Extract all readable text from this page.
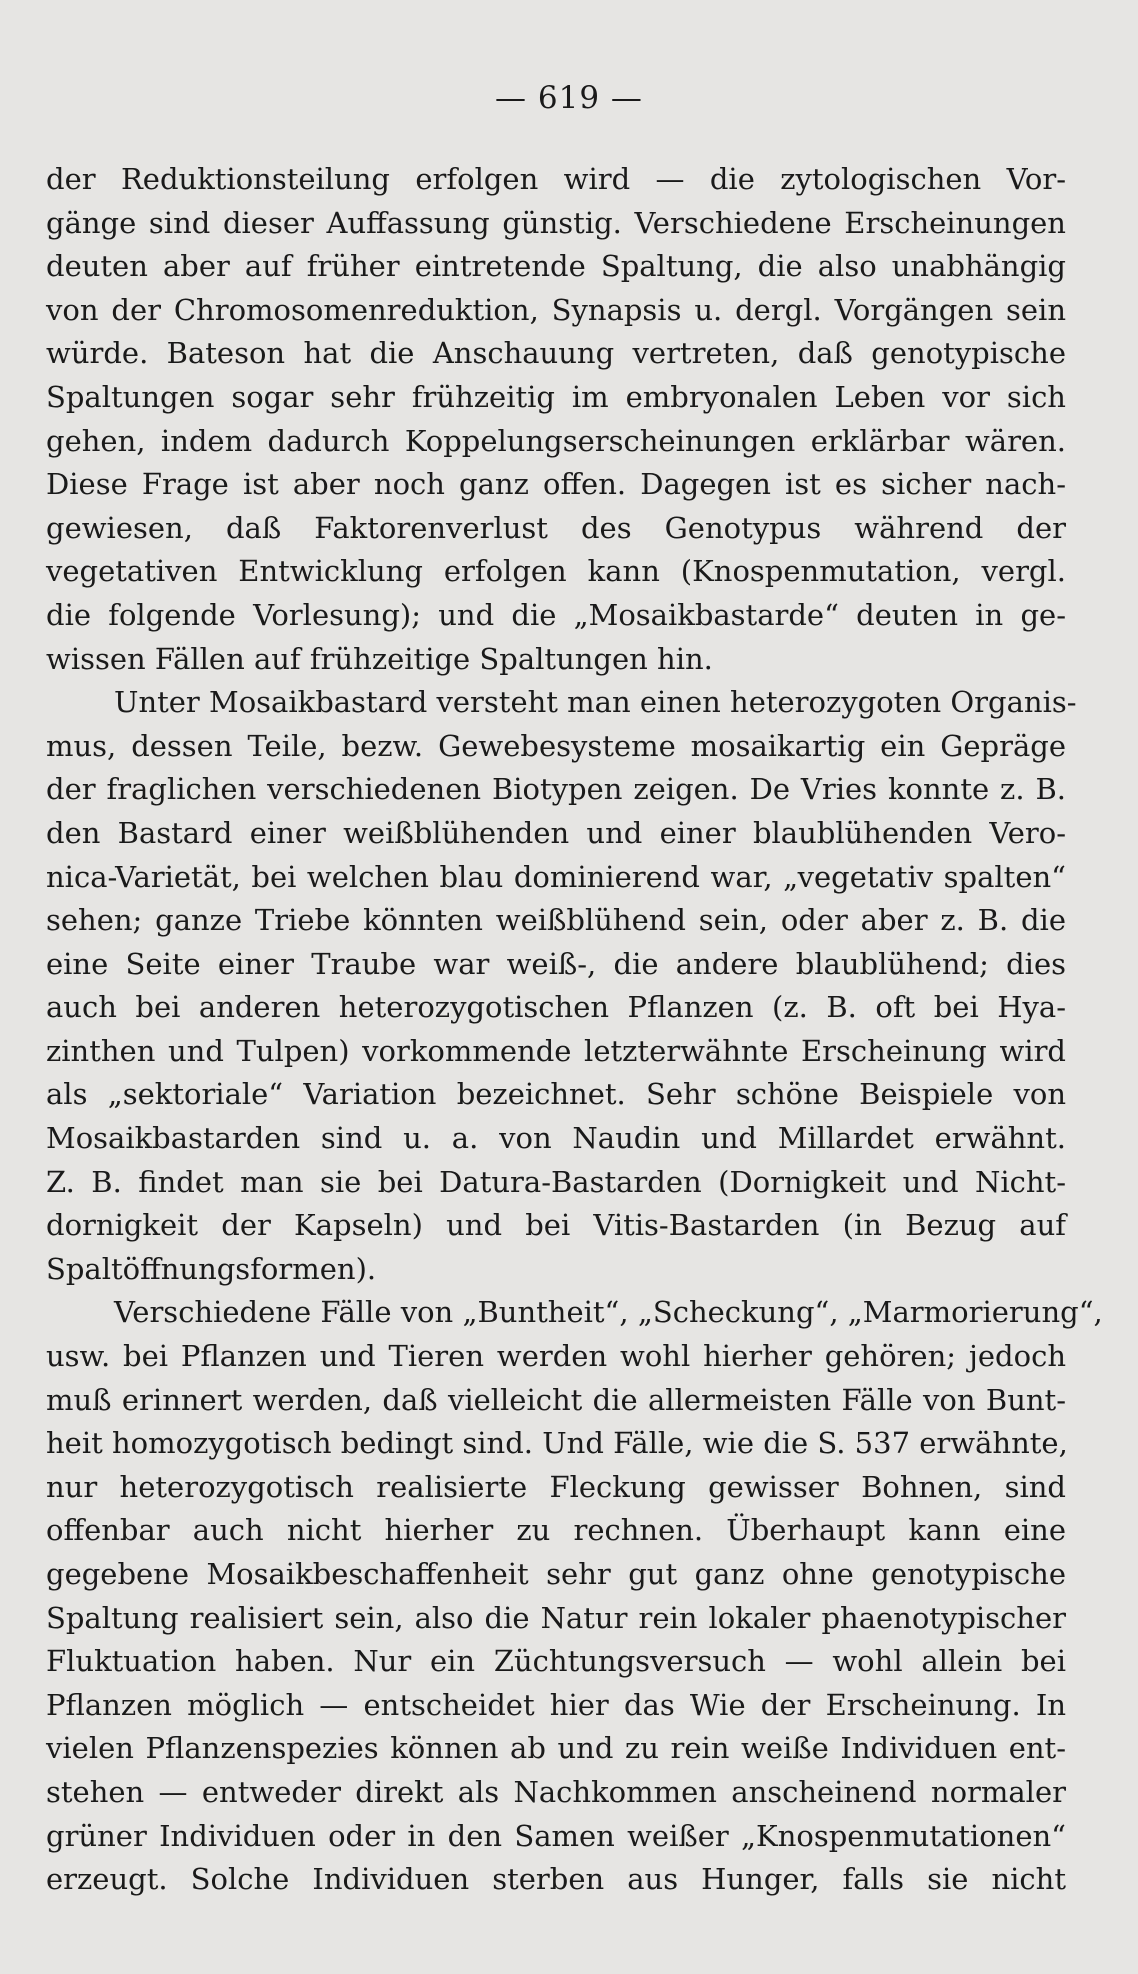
— 619 —
der Reduktionsteilung erfolgen wird — die zytologischen Vor-
gänge sind dieser Auffassung günstig. Verschiedene Erscheinungen
deuten aber auf früher eintretende Spaltung, die also unabhängig
von der Chromosomenreduktion, Synapsis u. dergl. Vorgängen sein
würde. Bateson hat die Anschauung vertreten, daß genotypische
Spaltungen sogar sehr frühzeitig im embryonalen Leben vor sich
gehen, indem dadurch Koppelungserscheinungen erklärbar wären.
Diese Frage ist aber noch ganz offen. Dagegen ist es sicher nach-
gewiesen, daß Faktorenverlust des Genotypus während der
vegetativen Entwicklung erfolgen kann (Knospenmutation, vergl.
die folgende Vorlesung); und die „Mosaikbastarde“ deuten in ge-
wissen Fällen auf frühzeitige Spaltungen hin.
Unter Mosaikbastard versteht man einen heterozygoten Organis-
mus, dessen Teile, bezw. Gewebesysteme mosaikartig ein Gepräge
der fraglichen verschiedenen Biotypen zeigen. De Vries konnte z. B.
den Bastard einer weißblühenden und einer blaublühenden Vero-
nica-Varietät, bei welchen blau dominierend war, „vegetativ spalten“
sehen; ganze Triebe könnten weißblühend sein, oder aber z. B. die
eine Seite einer Traube war weiß-, die andere blaublühend; dies
auch bei anderen heterozygotischen Pflanzen (z. B. oft bei Hya-
zinthen und Tulpen) vorkommende letzterwähnte Erscheinung wird
als „sektoriale“ Variation bezeichnet. Sehr schöne Beispiele von
Mosaikbastarden sind u. a. von Naudin und Millardet erwähnt.
Z. B. findet man sie bei Datura-Bastarden (Dornigkeit und Nicht-
dornigkeit der Kapseln) und bei Vitis-Bastarden (in Bezug auf
Spaltöffnungsformen).
Verschiedene Fälle von „Buntheit“, „Scheckung“, „Marmorierung“,
usw. bei Pflanzen und Tieren werden wohl hierher gehören; jedoch
muß erinnert werden, daß vielleicht die allermeisten Fälle von Bunt-
heit homozygotisch bedingt sind. Und Fälle, wie die S. 537 erwähnte,
nur heterozygotisch realisierte Fleckung gewisser Bohnen, sind
offenbar auch nicht hierher zu rechnen. Überhaupt kann eine
gegebene Mosaikbeschaffenheit sehr gut ganz ohne genotypische
Spaltung realisiert sein, also die Natur rein lokaler phaenotypischer
Fluktuation haben. Nur ein Züchtungsversuch — wohl allein bei
Pflanzen möglich — entscheidet hier das Wie der Erscheinung. In
vielen Pflanzenspezies können ab und zu rein weiße Individuen ent-
stehen — entweder direkt als Nachkommen anscheinend normaler
grüner Individuen oder in den Samen weißer „Knospenmutationen“
erzeugt. Solche Individuen sterben aus Hunger, falls sie nicht
